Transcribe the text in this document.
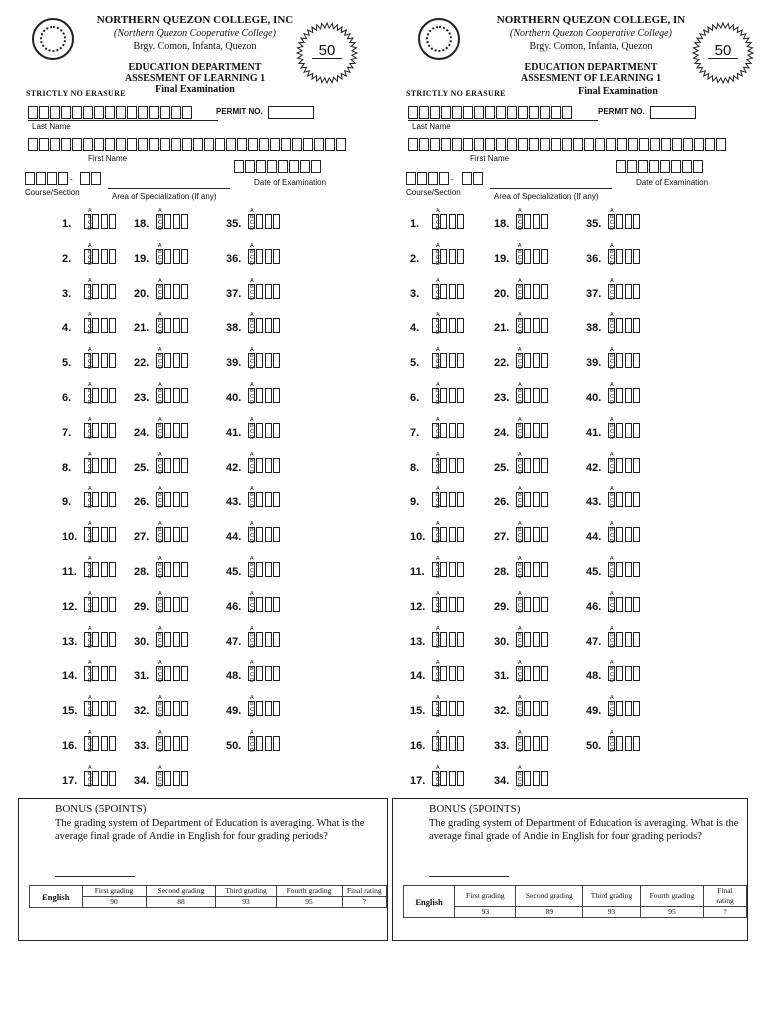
NORTHERN QUEZON COLLEGE, INC
(Northern Quezon Cooperative College)
Brgy. Comon, Infanta, Quezon
EDUCATION DEPARTMENT
ASSESMENT OF LEARNING 1
Final Examination
50
STRICTLY NO ERASURE
PERMIT NO.
Last Name
First Name
Date of Examination
-
Course/Section	Area of Specialization (If any)
1.
A B C D
2.
A B C D
3.
A B C D
4.
A B C D
5.
A B C D
6.
A B C D
7.
A B C D
8.
A B C D
9.
A B C D
10.
A B C D
11.
A B C D
12.
A B C D
13.
A B C D
14.
A B C D
15.
A B C D
16.
A B C D
17.
A B C D
18.
A B C D
19.
A B C D
20.
A B C D
21.
A B C D
22.
A B C D
23.
A B C D
24.
A B C D
25.
A B C D
26.
A B C D
27.
A B C D
28.
A B C D
29.
A B C D
30.
A B C D
31.
A B C D
32.
A B C D
33.
A B C D
34.
A B C D
35.
A B C D
36.
A B C D
37.
A B C D
38.
A B C D
39.
A B C D
40.
A B C D
41.
A B C D
42.
A B C D
43.
A B C D
44.
A B C D
45.
A B C D
46.
A B C D
47.
A B C D
48.
A B C D
49.
A B C D
50.
A B C D
BONUS (5POINTS)
The grading system of Department of Education is averaging. What is the average final grade of Andie in English for four grading periods?
English	First grading	Second grading	Third grading	Fourth grading	Final rating
	90	88	93	95	?
NORTHERN QUEZON COLLEGE, IN
(Northern Quezon Cooperative College)
Brgy. Comon, Infanta, Quezon
EDUCATION DEPARTMENT
ASSESMENT OF LEARNING 1
Final Examination
50
STRICTLY NO ERASURE
PERMIT NO.
Last Name
First Name
Date of Examination
-
Course/Section	Area of Specialization (If any)
1.
A B C D
2.
A B C D
3.
A B C D
4.
A B C D
5.
A B C D
6.
A B C D
7.
A B C D
8.
A B C D
9.
A B C D
10.
A B C D
11.
A B C D
12.
A B C D
13.
A B C D
14.
A B C D
15.
A B C D
16.
A B C D
17.
A B C D
18.
A B C D
19.
A B C D
20.
A B C D
21.
A B C D
22.
A B C D
23.
A B C D
24.
A B C D
25.
A B C D
26.
A B C D
27.
A B C D
28.
A B C D
29.
A B C D
30.
A B C D
31.
A B C D
32.
A B C D
33.
A B C D
34.
A B C D
35.
A B C D
36.
A B C D
37.
A B C D
38.
A B C D
39.
A B C D
40.
A B C D
41.
A B C D
42.
A B C D
43.
A B C D
44.
A B C D
45.
A B C D
46.
A B C D
47.
A B C D
48.
A B C D
49.
A B C D
50.
A B C D
BONUS (5POINTS)
The grading system of Department of Education is averaging. What is the average final grade of Andie in English for four grading periods?
English	First grading	Second grading	Third grading	Fourth grading	Final rating
	93	89	93	95	?
